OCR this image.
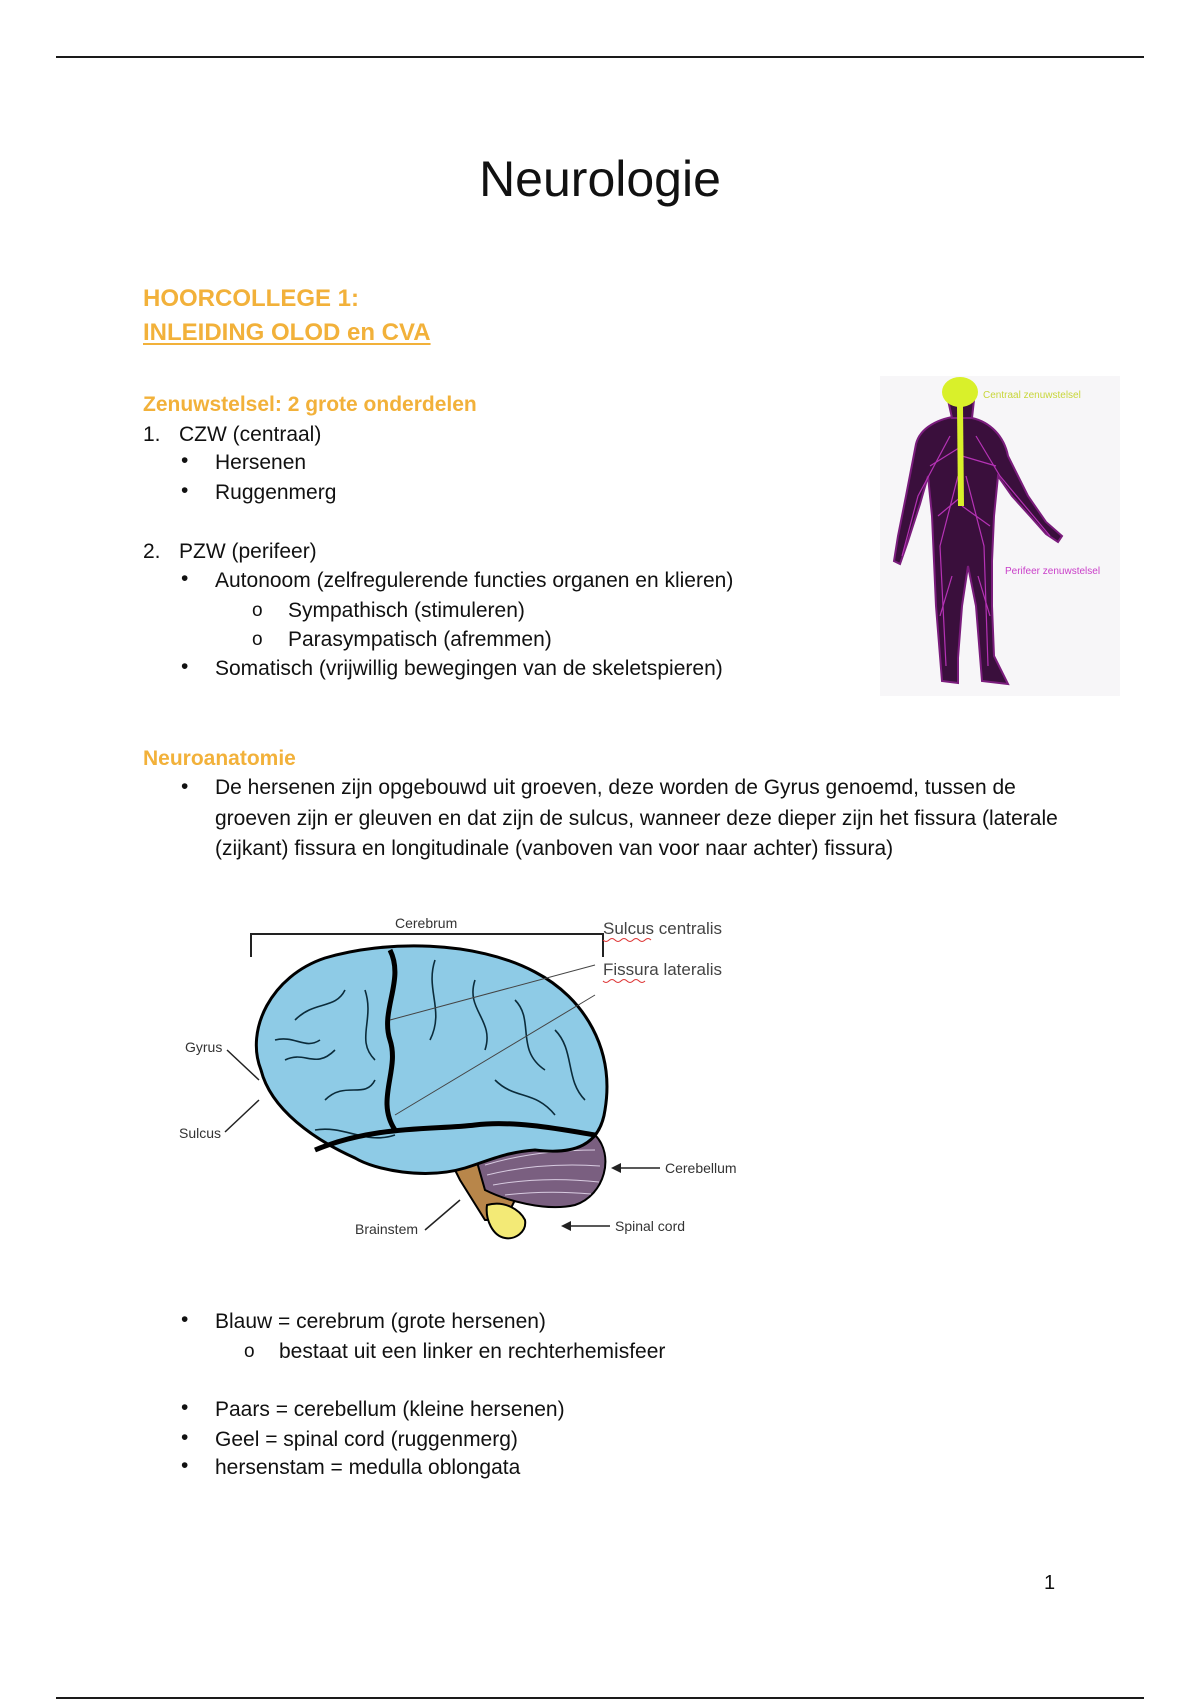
Neurologie
HOORCOLLEGE 1:
INLEIDING OLOD en CVA
Zenuwstelsel: 2 grote onderdelen
1. CZW (centraal)
• Hersenen
• Ruggenmerg
2. PZW (perifeer)
• Autonoom (zelfregulerende functies organen en klieren)
o Sympathisch (stimuleren)
o Parasympatisch (afremmen)
• Somatisch (vrijwillig bewegingen van de skeletspieren)
Centraal zenuwstelsel
Perifeer zenuwstelsel
Neuroanatomie
• De hersenen zijn opgebouwd uit groeven, deze worden de Gyrus genoemd, tussen de groeven zijn er gleuven en dat zijn de sulcus, wanneer deze dieper zijn het fissura (laterale (zijkant) fissura en longitudinale (vanboven van voor naar achter) fissura)
Cerebrum	Sulcus centralis
Fissura lateralis
Gyrus
Sulcus
Cerebellum
Spinal cord
Brainstem
• Blauw = cerebrum (grote hersenen)
o bestaat uit een linker en rechterhemisfeer
• Paars = cerebellum (kleine hersenen)
• Geel = spinal cord (ruggenmerg)
• hersenstam = medulla oblongata
1
